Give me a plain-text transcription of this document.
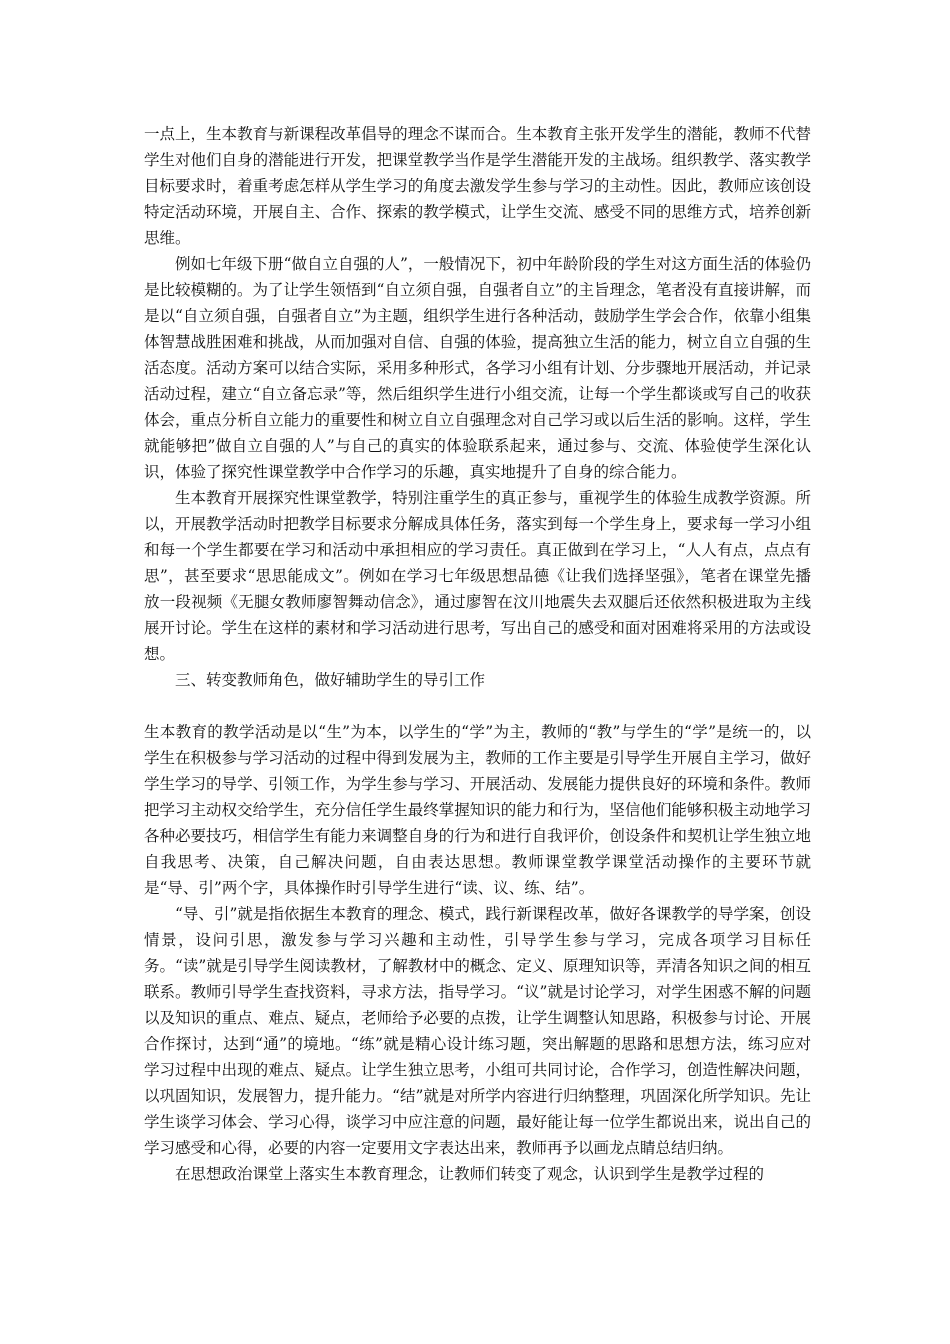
一点上，生本教育与新课程改革倡导的理念不谋而合。生本教育主张开发学生的潜能，教师不代替学生对他们自身的潜能进行开发，把课堂教学当作是学生潜能开发的主战场。组织教学、落实教学目标要求时，着重考虑怎样从学生学习的角度去激发学生参与学习的主动性。因此，教师应该创设特定活动环境，开展自主、合作、探索的教学模式，让学生交流、感受不同的思维方式，培养创新思维。

例如七年级下册“做自立自强的人”，一般情况下，初中年龄阶段的学生对这方面生活的体验仍是比较模糊的。为了让学生领悟到“自立须自强，自强者自立”的主旨理念，笔者没有直接讲解，而是以“自立须自强，自强者自立”为主题，组织学生进行各种活动，鼓励学生学会合作，依靠小组集体智慧战胜困难和挑战，从而加强对自信、自强的体验，提高独立生活的能力，树立自立自强的生活态度。活动方案可以结合实际，采用多种形式，各学习小组有计划、分步骤地开展活动，并记录活动过程，建立“自立备忘录”等，然后组织学生进行小组交流，让每一个学生都谈或写自己的收获体会，重点分析自立能力的重要性和树立自立自强理念对自己学习或以后生活的影响。这样，学生就能够把”做自立自强的人”与自己的真实的体验联系起来，通过参与、交流、体验使学生深化认识，体验了探究性课堂教学中合作学习的乐趣，真实地提升了自身的综合能力。

生本教育开展探究性课堂教学，特别注重学生的真正参与，重视学生的体验生成教学资源。所以，开展教学活动时把教学目标要求分解成具体任务，落实到每一个学生身上，要求每一学习小组和每一个学生都要在学习和活动中承担相应的学习责任。真正做到在学习上，“人人有点，点点有思”，甚至要求“思思能成文”。例如在学习七年级思想品德《让我们选择坚强》，笔者在课堂先播放一段视频《无腿女教师廖智舞动信念》，通过廖智在汶川地震失去双腿后还依然积极进取为主线展开讨论。学生在这样的素材和学习活动进行思考，写出自己的感受和面对困难将采用的方法或设想。

三、转变教师角色，做好辅助学生的导引工作

生本教育的教学活动是以“生”为本，以学生的“学”为主，教师的“教”与学生的“学”是统一的，以学生在积极参与学习活动的过程中得到发展为主，教师的工作主要是引导学生开展自主学习，做好学生学习的导学、引领工作，为学生参与学习、开展活动、发展能力提供良好的环境和条件。教师把学习主动权交给学生，充分信任学生最终掌握知识的能力和行为，坚信他们能够积极主动地学习各种必要技巧，相信学生有能力来调整自身的行为和进行自我评价，创设条件和契机让学生独立地自我思考、决策，自己解决问题，自由表达思想。教师课堂教学课堂活动操作的主要环节就是“导、引”两个字，具体操作时引导学生进行“读、议、练、结”。

“导、引”就是指依据生本教育的理念、模式，践行新课程改革，做好各课教学的导学案，创设情景，设问引思，激发参与学习兴趣和主动性，引导学生参与学习，完成各项学习目标任务。“读”就是引导学生阅读教材，了解教材中的概念、定义、原理知识等，弄清各知识之间的相互联系。教师引导学生查找资料，寻求方法，指导学习。“议”就是讨论学习，对学生困惑不解的问题以及知识的重点、难点、疑点，老师给予必要的点拨，让学生调整认知思路，积极参与讨论、开展合作探讨，达到“通”的境地。“练”就是精心设计练习题，突出解题的思路和思想方法，练习应对学习过程中出现的难点、疑点。让学生独立思考，小组可共同讨论，合作学习，创造性解决问题，以巩固知识，发展智力，提升能力。“结”就是对所学内容进行归纳整理，巩固深化所学知识。先让学生谈学习体会、学习心得，谈学习中应注意的问题，最好能让每一位学生都说出来，说出自己的学习感受和心得，必要的内容一定要用文字表达出来，教师再予以画龙点睛总结归纳。

在思想政治课堂上落实生本教育理念，让教师们转变了观念，认识到学生是教学过程的
